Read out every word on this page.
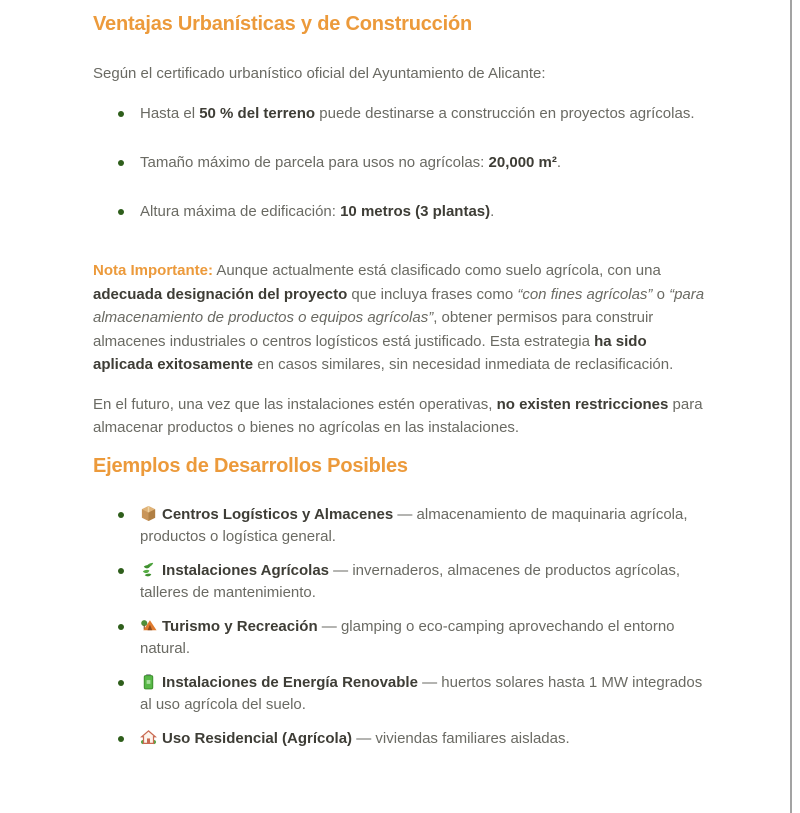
Ventajas Urbanísticas y de Construcción

Según el certificado urbanístico oficial del Ayuntamiento de Alicante:

Hasta el 50 % del terreno puede destinarse a construcción en proyectos agrícolas.
Tamaño máximo de parcela para usos no agrícolas: 20,000 m².
Altura máxima de edificación: 10 metros (3 plantas).

Nota Importante: Aunque actualmente está clasificado como suelo agrícola, con una adecuada designación del proyecto que incluya frases como “con fines agrícolas” o “para almacenamiento de productos o equipos agrícolas”, obtener permisos para construir almacenes industriales o centros logísticos está justificado. Esta estrategia ha sido aplicada exitosamente en casos similares, sin necesidad inmediata de reclasificación.

En el futuro, una vez que las instalaciones estén operativas, no existen restricciones para almacenar productos o bienes no agrícolas en las instalaciones.

Ejemplos de Desarrollos Posibles
Centros Logísticos y Almacenes — almacenamiento de maquinaria agrícola, productos o logística general.
Instalaciones Agrícolas — invernaderos, almacenes de productos agrícolas, talleres de mantenimiento.
Turismo y Recreación — glamping o eco-camping aprovechando el entorno natural.
Instalaciones de Energía Renovable — huertos solares hasta 1 MW integrados al uso agrícola del suelo.
Uso Residencial (Agrícola) — viviendas familiares aisladas.
